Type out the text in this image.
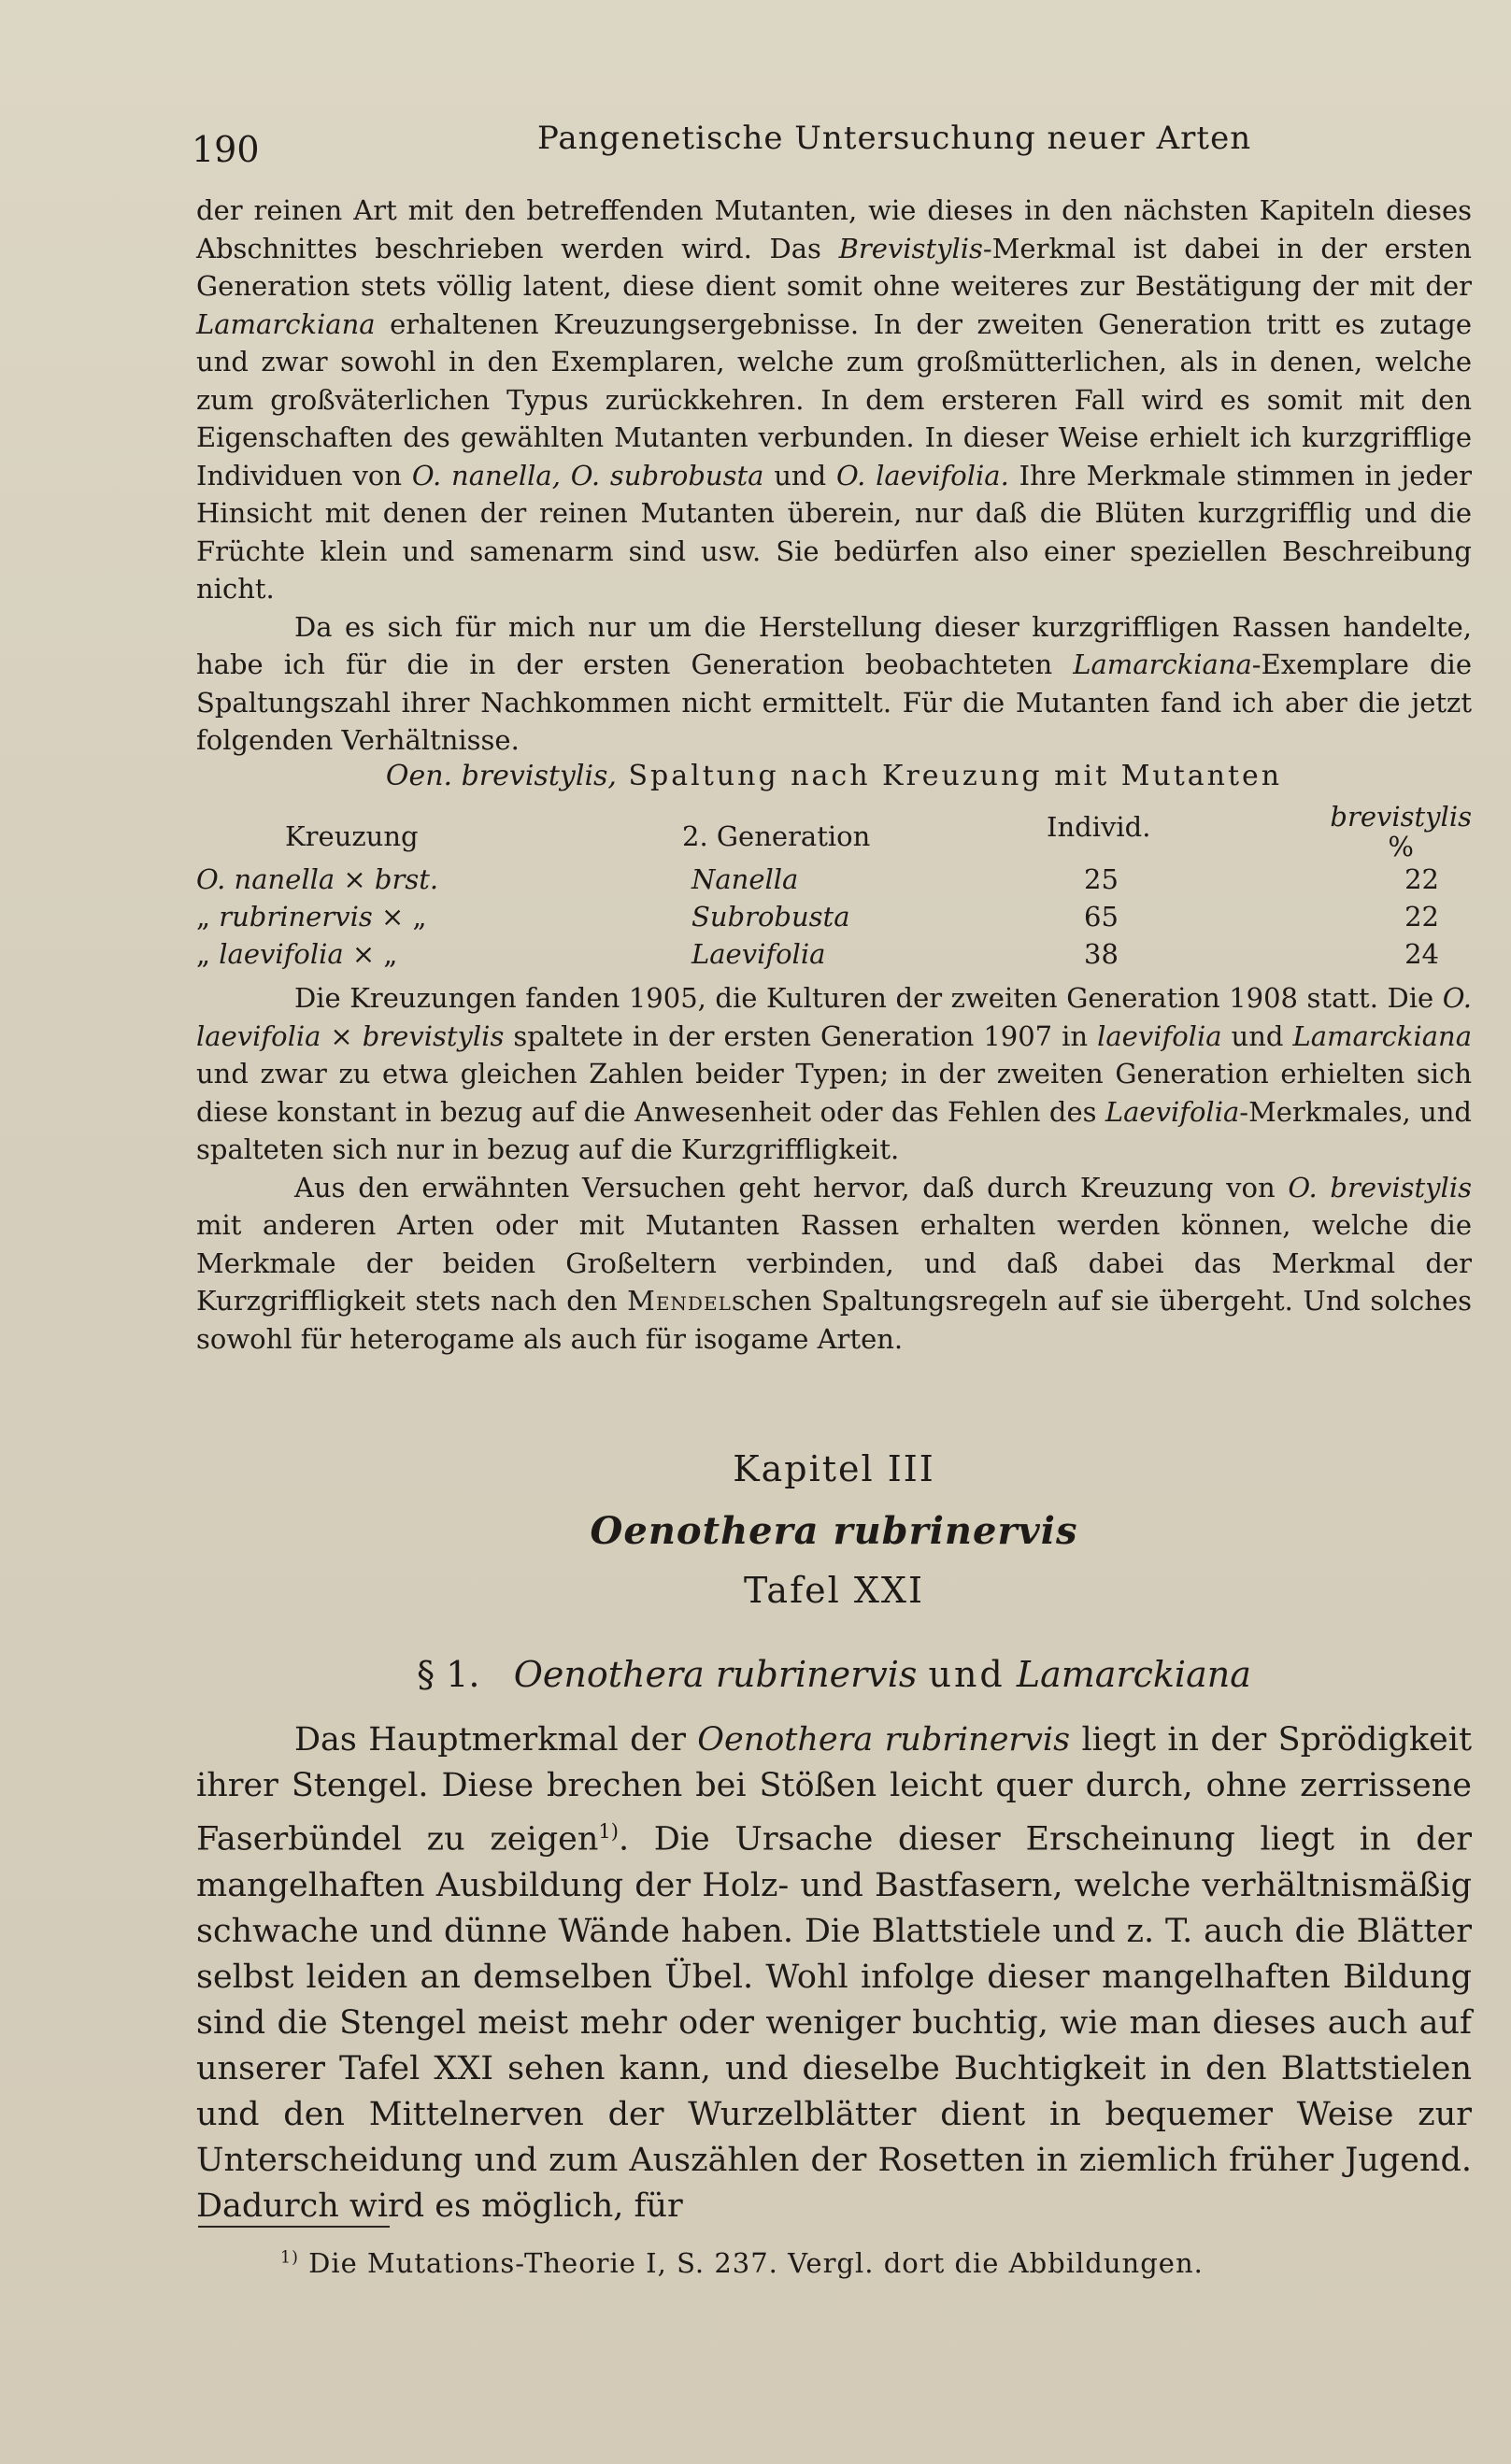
190	Pangenetische Untersuchung neuer Arten

der reinen Art mit den betreffenden Mutanten, wie dieses in den nächsten Kapiteln dieses Abschnittes beschrieben werden wird. Das Brevistylis-Merkmal ist dabei in der ersten Generation stets völlig latent, diese dient somit ohne weiteres zur Bestätigung der mit der Lamarckiana erhaltenen Kreuzungsergebnisse. In der zweiten Generation tritt es zutage und zwar sowohl in den Exemplaren, welche zum großmütterlichen, als in denen, welche zum großväterlichen Typus zurückkehren. In dem ersteren Fall wird es somit mit den Eigenschaften des gewählten Mutanten verbunden. In dieser Weise erhielt ich kurzgrifflige Individuen von O. nanella, O. subrobusta und O. laevifolia. Ihre Merkmale stimmen in jeder Hinsicht mit denen der reinen Mutanten überein, nur daß die Blüten kurzgrifflig und die Früchte klein und samenarm sind usw. Sie bedürfen also einer speziellen Beschreibung nicht.

Da es sich für mich nur um die Herstellung dieser kurzgriffligen Rassen handelte, habe ich für die in der ersten Generation beobachteten Lamarckiana-Exemplare die Spaltungszahl ihrer Nachkommen nicht ermittelt. Für die Mutanten fand ich aber die jetzt folgenden Verhältnisse.

Oen. brevistylis, Spaltung nach Kreuzung mit Mutanten
Kreuzung	2. Generation	Individ.	brevistylis
%
O. nanella × brst.	Nanella	25	22
„ rubrinervis × „	Subrobusta	65	22
„ laevifolia × „	Laevifolia	38	24

Die Kreuzungen fanden 1905, die Kulturen der zweiten Generation 1908 statt. Die O. laevifolia × brevistylis spaltete in der ersten Generation 1907 in laevifolia und Lamarckiana und zwar zu etwa gleichen Zahlen beider Typen; in der zweiten Generation erhielten sich diese konstant in bezug auf die Anwesenheit oder das Fehlen des Laevifolia-Merkmales, und spalteten sich nur in bezug auf die Kurzgriffligkeit.

Aus den erwähnten Versuchen geht hervor, daß durch Kreuzung von O. brevistylis mit anderen Arten oder mit Mutanten Rassen erhalten werden können, welche die Merkmale der beiden Großeltern verbinden, und daß dabei das Merkmal der Kurzgriffligkeit stets nach den Mendelschen Spaltungsregeln auf sie übergeht. Und solches sowohl für heterogame als auch für isogame Arten.

Kapitel III
Oenothera rubrinervis
Tafel XXI
§ 1. Oenothera rubrinervis und Lamarckiana

Das Hauptmerkmal der Oenothera rubrinervis liegt in der Sprödigkeit ihrer Stengel. Diese brechen bei Stößen leicht quer durch, ohne zerrissene Faserbündel zu zeigen$^{1)}$. Die Ursache dieser Erscheinung liegt in der mangelhaften Ausbildung der Holz- und Bastfasern, welche verhältnismäßig schwache und dünne Wände haben. Die Blattstiele und z. T. auch die Blätter selbst leiden an demselben Übel. Wohl infolge dieser mangelhaften Bildung sind die Stengel meist mehr oder weniger buchtig, wie man dieses auch auf unserer Tafel XXI sehen kann, und dieselbe Buchtigkeit in den Blattstielen und den Mittelnerven der Wurzelblätter dient in bequemer Weise zur Unterscheidung und zum Auszählen der Rosetten in ziemlich früher Jugend. Dadurch wird es möglich, für

$^{1)}$ Die Mutations-Theorie I, S. 237. Vergl. dort die Abbildungen.
